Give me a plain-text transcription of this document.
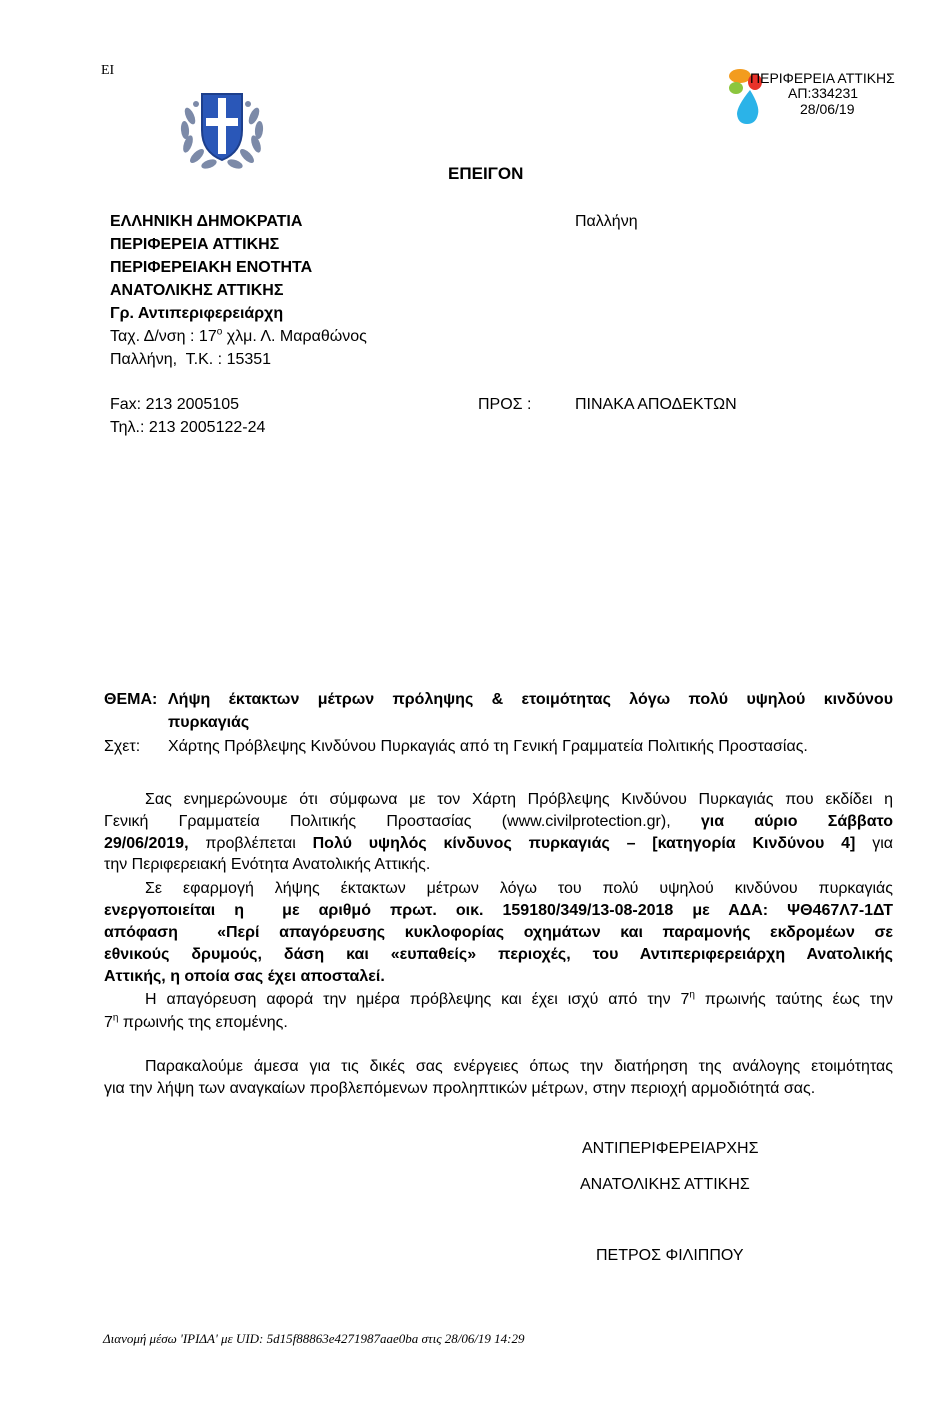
ΕΙ	ΠΕΡΙΦΕΡΕΙΑ ΑΤΤΙΚΗΣ
ΑΠ:334231
28/06/19
ΕΠΕΙΓΟΝ
ΕΛΛΗΝΙΚΗ ΔΗΜΟΚΡΑΤΙΑ	Παλλήνη
ΠΕΡΙΦΕΡΕΙΑ ΑΤΤΙΚΗΣ
ΠΕΡΙΦΕΡΕΙΑΚΗ ΕΝΟΤΗΤΑ
ΑΝΑΤΟΛΙΚΗΣ ΑΤΤΙΚΗΣ
Γρ. Αντιπεριφερειάρχη
Ταχ. Δ/νση : $17^o$ χλμ. Λ. Μαραθώνος
Παλλήνη,  Τ.Κ. : 15351
Fax: 213 2005105	ΠΡΟΣ :	ΠΙΝΑΚΑ ΑΠΟΔΕΚΤΩΝ
Τηλ.: 213 2005122-24
ΘΕΜΑ: Λήψη έκτακτων μέτρων πρόληψης & ετοιμότητας λόγω πολύ υψηλού κινδύνου
πυρκαγιάς
Σχετ: Χάρτης Πρόβλεψης Κινδύνου Πυρκαγιάς από τη Γενική Γραμματεία Πολιτικής Προστασίας.
Σας ενημερώνουμε ότι σύμφωνα με τον Χάρτη Πρόβλεψης Κινδύνου Πυρκαγιάς που εκδίδει η
Γενική Γραμματεία Πολιτικής Προστασίας (www.civilprotection.gr), για αύριο Σάββατο
29/06/2019, προβλέπεται Πολύ υψηλός κίνδυνος πυρκαγιάς – [κατηγορία Κινδύνου 4] για
την Περιφερειακή Ενότητα Ανατολικής Αττικής.
Σε εφαρμογή λήψης έκτακτων μέτρων λόγω του πολύ υψηλού κινδύνου πυρκαγιάς
ενεργοποιείται η  με αριθμό πρωτ. οικ. 159180/349/13-08-2018 με ΑΔΑ: ΨΘ467Λ7-1ΔΤ
απόφαση  «Περί απαγόρευσης κυκλοφορίας οχημάτων και παραμονής εκδρομέων σε
εθνικούς δρυμούς, δάση και «ευπαθείς» περιοχές, του Αντιπεριφερειάρχη Ανατολικής
Αττικής, η οποία σας έχει αποσταλεί.
Η απαγόρευση αφορά την ημέρα πρόβλεψης και έχει ισχύ από την $7^\eta$ πρωινής ταύτης έως την
$7^\eta$ πρωινής της επομένης.
Παρακαλούμε άμεσα για τις δικές σας ενέργειες όπως την διατήρηση της ανάλογης ετοιμότητας
για την λήψη των αναγκαίων προβλεπόμενων προληπτικών μέτρων, στην περιοχή αρμοδιότητά σας.
ΑΝΤΙΠΕΡΙΦΕΡΕΙΑΡΧΗΣ
ΑΝΑΤΟΛΙΚΗΣ ΑΤΤΙΚΗΣ
ΠΕΤΡΟΣ ΦΙΛΙΠΠΟΥ
Διανομή μέσω 'ΙΡΙΔΑ' με UID: 5d15f88863e4271987aae0ba στις 28/06/19 14:29
